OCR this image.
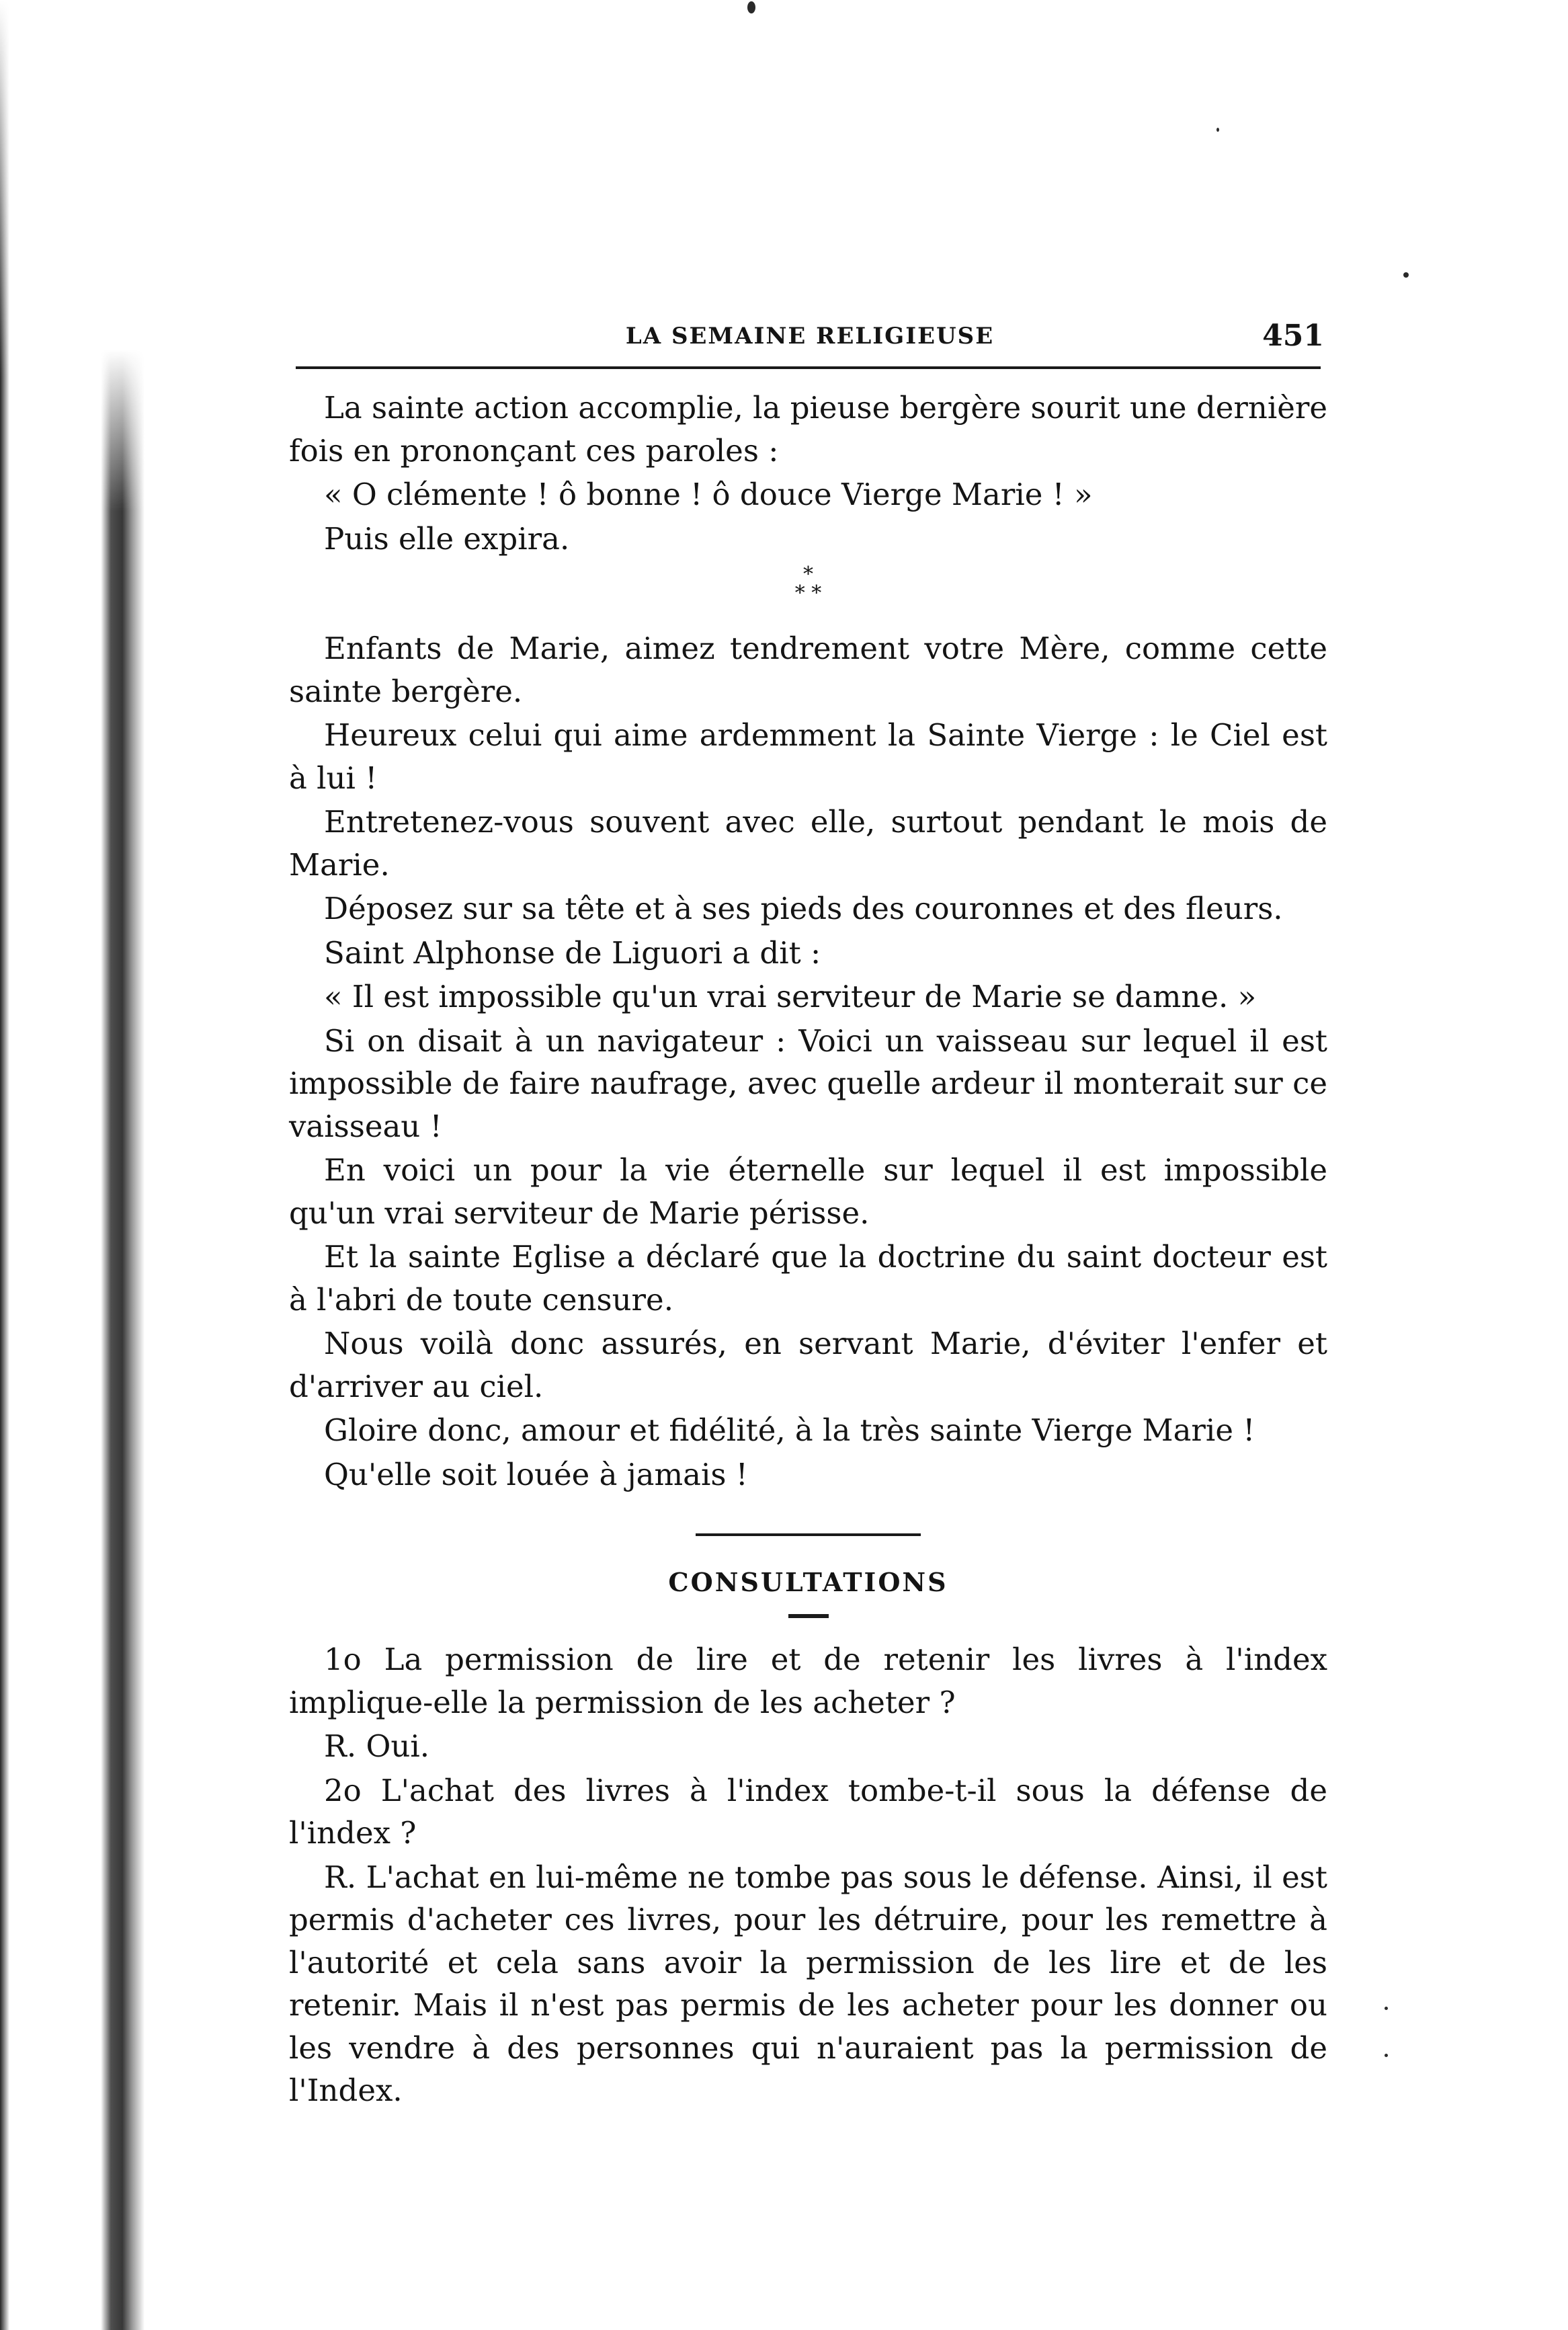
LA SEMAINE RELIGIEUSE	451

La sainte action accomplie, la pieuse bergère sourit une dernière fois en prononçant ces paroles :

« O clémente ! ô bonne ! ô douce Vierge Marie ! »

Puis elle expira.

*
* *

Enfants de Marie, aimez tendrement votre Mère, comme cette sainte bergère.

Heureux celui qui aime ardemment la Sainte Vierge : le Ciel est à lui !

Entretenez-vous souvent avec elle, surtout pendant le mois de Marie.

Déposez sur sa tête et à ses pieds des couronnes et des fleurs.

Saint Alphonse de Liguori a dit :

« Il est impossible qu'un vrai serviteur de Marie se damne. »

Si on disait à un navigateur : Voici un vaisseau sur lequel il est impossible de faire naufrage, avec quelle ardeur il monterait sur ce vaisseau !

En voici un pour la vie éternelle sur lequel il est impossible qu'un vrai serviteur de Marie périsse.

Et la sainte Eglise a déclaré que la doctrine du saint docteur est à l'abri de toute censure.

Nous voilà donc assurés, en servant Marie, d'éviter l'enfer et d'arriver au ciel.

Gloire donc, amour et fidélité, à la très sainte Vierge Marie !

Qu'elle soit louée à jamais !

CONSULTATIONS

1o La permission de lire et de retenir les livres à l'index implique-elle la permission de les acheter ?

R. Oui.

2o L'achat des livres à l'index tombe-t-il sous la défense de l'index ?

R. L'achat en lui-même ne tombe pas sous le défense. Ainsi, il est permis d'acheter ces livres, pour les détruire, pour les remettre à l'autorité et cela sans avoir la permission de les lire et de les retenir. Mais il n'est pas permis de les acheter pour les donner ou les vendre à des personnes qui n'auraient pas la permission de l'Index.
